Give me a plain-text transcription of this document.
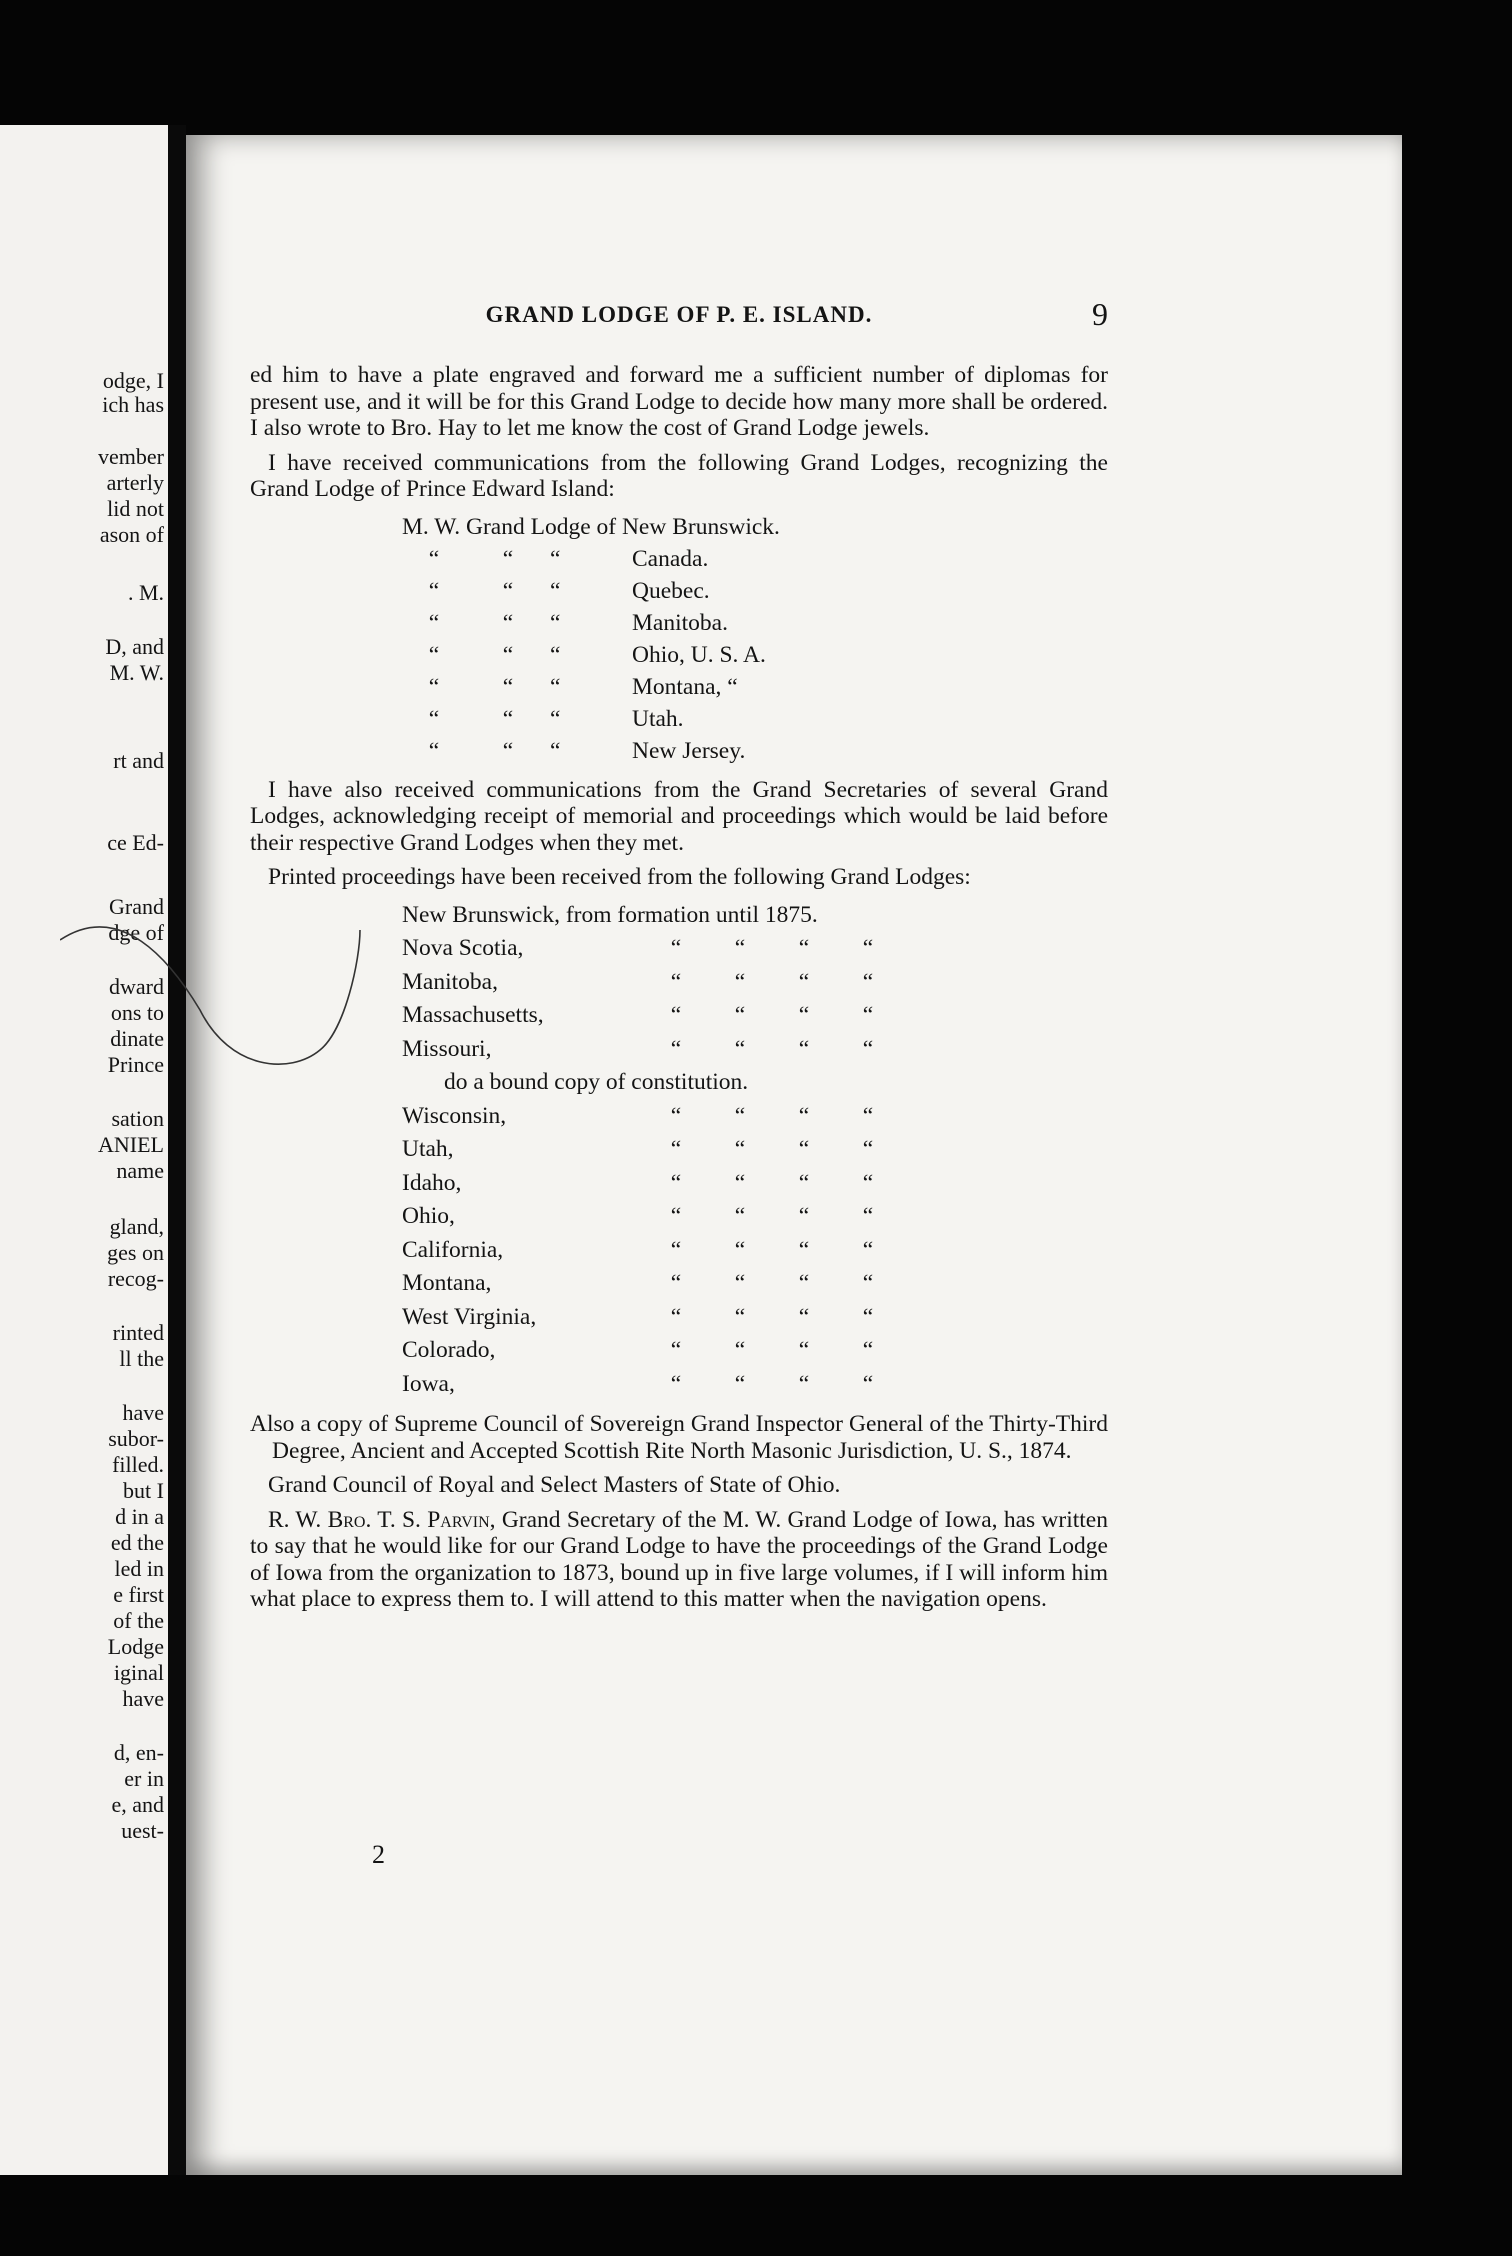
odge, I
ich has
vember
arterly
lid not
ason of
. M.
D, and
M. W.
rt and
ce Ed-
Grand
dge of
dward
ons to
dinate
Prince
sation
ANIEL
name
gland,
ges on
recog-
rinted
ll the
have
subor-
filled.
but I
d in a
ed the
led in
e first
of the
Lodge
iginal
have
d, en-
er in
e, and
uest-
GRAND LODGE OF P. E. ISLAND.	9

ed him to have a plate engraved and forward me a sufficient number of diplomas for present use, and it will be for this Grand Lodge to decide how many more shall be ordered. I also wrote to Bro. Hay to let me know the cost of Grand Lodge jewels.

I have received communications from the following Grand Lodges, recognizing the Grand Lodge of Prince Edward Island:

M. W. Grand Lodge of New Brunswick.
“	“	“	Canada.
“	“	“	Quebec.
“	“	“	Manitoba.
“	“	“	Ohio, U. S. A.
“	“	“	Montana, “
“	“	“	Utah.
“	“	“	New Jersey.

I have also received communications from the Grand Secretaries of several Grand Lodges, acknowledging receipt of memorial and proceedings which would be laid before their respective Grand Lodges when they met.

Printed proceedings have been received from the following Grand Lodges:

New Brunswick, from formation until 1875.
Nova Scotia,	“	“	“	“
Manitoba,	“	“	“	“
Massachusetts,	“	“	“	“
Missouri,	“	“	“	“
do a bound copy of constitution.
Wisconsin,	“	“	“	“
Utah,	“	“	“	“
Idaho,	“	“	“	“
Ohio,	“	“	“	“
California,	“	“	“	“
Montana,	“	“	“	“
West Virginia,	“	“	“	“
Colorado,	“	“	“	“
Iowa,	“	“	“	“

Also a copy of Supreme Council of Sovereign Grand Inspector General of the Thirty-Third Degree, Ancient and Accepted Scottish Rite North Masonic Jurisdiction, U. S., 1874.

Grand Council of Royal and Select Masters of State of Ohio.

R. W. Bro. T. S. Parvin, Grand Secretary of the M. W. Grand Lodge of Iowa, has written to say that he would like for our Grand Lodge to have the proceedings of the Grand Lodge of Iowa from the organization to 1873, bound up in five large volumes, if I will inform him what place to express them to. I will attend to this matter when the navigation opens.

2
